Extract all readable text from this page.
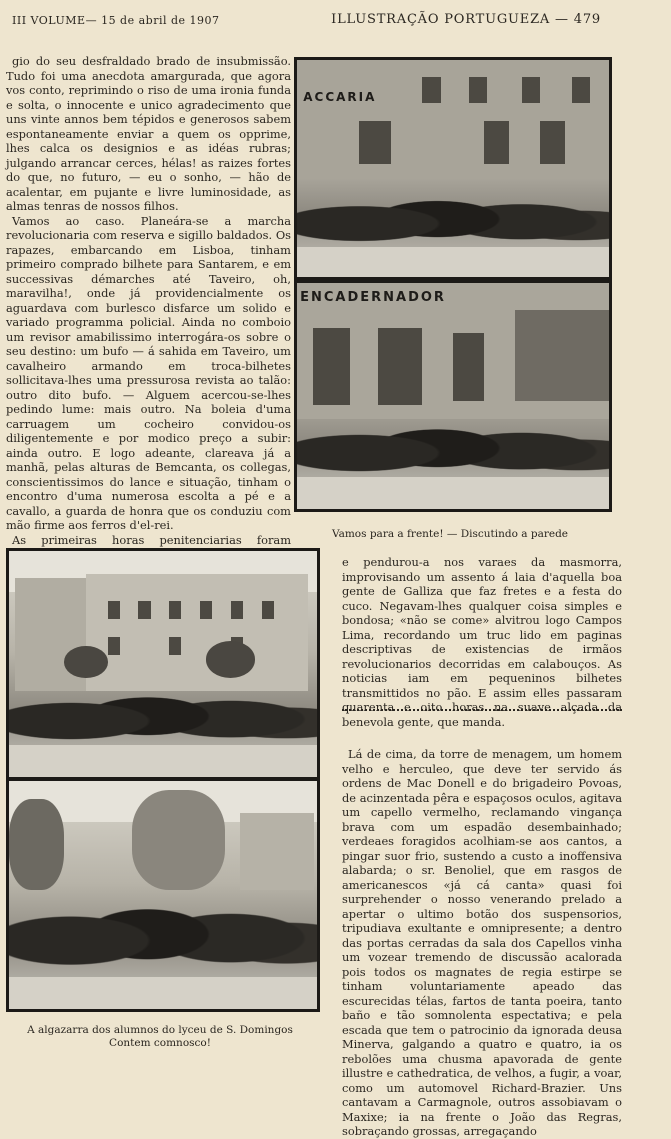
III VOLUME— 15 de abril de 1907	ILLUSTRAÇÃO PORTUGUEZA — 479

gio do seu desfraldado brado de insubmissão. Tudo foi uma anecdota amargurada, que agora vos conto, reprimindo o riso de uma ironia funda e solta, o innocente e unico agradecimento que uns vinte annos bem tépidos e generosos sabem espontaneamente enviar a quem os opprime, lhes calca os designios e as idéas rubras; julgando arrancar cerces, hélas! as raizes fortes do que, no futuro, — eu o sonho, — hão de acalentar, em pujante e livre luminosidade, as almas tenras de nossos filhos.

Vamos ao caso. Planeára-se a marcha revolucionaria com reserva e sigillo baldados. Os rapazes, embarcando em Lisboa, tinham primeiro comprado bilhete para Santarem, e em successivas démarches até Taveiro, oh, maravilha!, onde já providencialmente os aguardava com burlesco disfarce um solido e variado programma policial. Ainda no comboio um revisor amabilissimo interrogára-os sobre o seu destino: um bufo — á sahida em Taveiro, um cavalheiro armando em troca-bilhetes sollicitava-lhes uma pressurosa revista ao talão: outro dito bufo. — Alguem acercou-se-lhes pedindo lume: mais outro. Na boleia d'uma carruagem um cocheiro convidou-os diligentemente e por modico preço a subir: ainda outro. E logo adeante, clareava já a manhã, pelas alturas de Bemcanta, os collegas, conscientissimos do lance e situação, tinham o encontro d'uma numerosa escolta a pé e a cavallo, a guarda de honra que os conduziu com mão firme aos ferros d'el-rei.

As primeiras horas penitenciarias foram

ACCARIA
ENCADERNADOR
Vamos para a frente! — Discutindo a parede
A algazarra dos alumnos do lyceu de S. Domingos
Contem comnosco!

e pendurou-a nos varaes da masmorra, improvisando um assento á laia d'aquella boa gente de Galliza que faz fretes e a festa do cuco. Negavam-lhes qualquer coisa simples e bondosa; «não se come» alvitrou logo Campos Lima, recordando um truc lido em paginas descriptivas de existencias de irmãos revolucionarios decorridas em calabouços. As noticias iam em pequeninos bilhetes transmittidos no pão. E assim elles passaram quarenta e oito horas na suave alçada da benevola gente, que manda.

Lá de cima, da torre de menagem, um homem velho e herculeo, que deve ter servido ás ordens de Mac Donell e do brigadeiro Povoas, de acinzentada pêra e espaçosos oculos, agitava um capello vermelho, reclamando vingança brava com um espadão desembainhado; verdeaes foragidos acolhiam-se aos cantos, a pingar suor frio, sustendo a custo a inoffensiva alabarda; o sr. Benoliel, que em rasgos de americanescos «já cá canta» quasi foi surprehender o nosso venerando prelado a apertar o ultimo botão dos suspensorios, tripudiava exultante e omnipresente; a dentro das portas cerradas da sala dos Capellos vinha um vozear tremendo de discussão acalorada pois todos os magnates de regia estirpe se tinham voluntariamente apeado das escurecidas télas, fartos de tanta poeira, tanto baño e tão somnolenta espectativa; e pela escada que tem o patrocinio da ignorada deusa Minerva, galgando a quatro e quatro, ia os rebolões uma chusma apavorada de gente illustre e cathedratica, de velhos, a fugir, a voar, como um automovel Richard-Brazier. Uns cantavam a Carmagnole, outros assobiavam o Maxixe; ia na frente o João das Regras, sobraçando grossas, arregaçando
